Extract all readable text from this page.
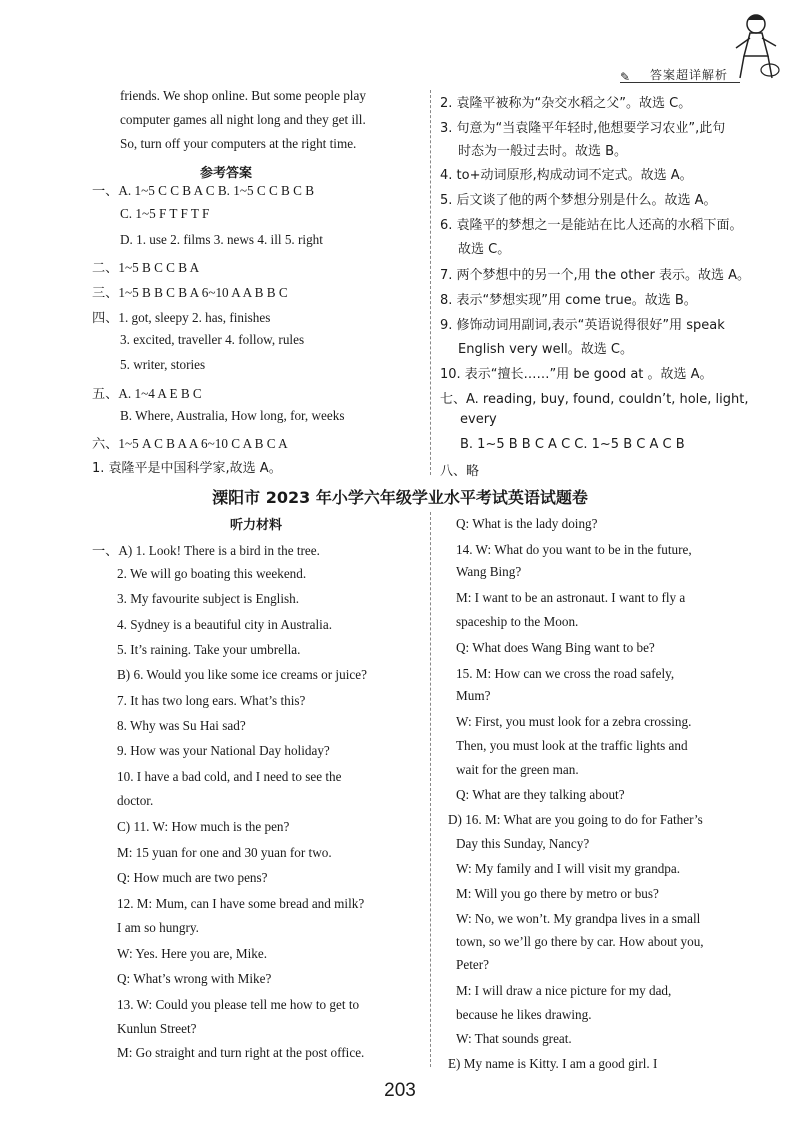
✎ 答案超详解析
friends. We shop online. But some people play
computer games all night long and they get ill.
So, turn off your computers at the right time.
参考答案
一、A. 1~5 C C B A C B. 1~5 C C B C B
C. 1~5 F T F T F
D. 1. use 2. films 3. news 4. ill 5. right
二、1~5 B C C B A
三、1~5 B B C B A 6~10 A A B B C
四、1. got, sleepy 2. has, finishes
3. excited, traveller 4. follow, rules
5. writer, stories
五、A. 1~4 A E B C
B. Where, Australia, How long, for, weeks
六、1~5 A C B A A 6~10 C A B C A
1. 袁隆平是中国科学家,故选 A。
2. 袁隆平被称为“杂交水稻之父”。故选 C。
3. 句意为“当袁隆平年轻时,他想要学习农业”,此句
时态为一般过去时。故选 B。
4. to+动词原形,构成动词不定式。故选 A。
5. 后文谈了他的两个梦想分别是什么。故选 A。
6. 袁隆平的梦想之一是能站在比人还高的水稻下面。
故选 C。
7. 两个梦想中的另一个,用 the other 表示。故选 A。
8. 表示“梦想实现”用 come true。故选 B。
9. 修饰动词用副词,表示“英语说得很好”用 speak
English very well。故选 C。
10. 表示“擅长……”用 be good at 。故选 A。
七、A. reading, buy, found, couldn’t, hole, light,
every
B. 1~5 B B C A C C. 1~5 B C A C B
八、略
溧阳市 2023 年小学六年级学业水平考试英语试题卷
听力材料
一、A) 1. Look! There is a bird in the tree.
2. We will go boating this weekend.
3. My favourite subject is English.
4. Sydney is a beautiful city in Australia.
5. It’s raining. Take your umbrella.
B) 6. Would you like some ice creams or juice?
7. It has two long ears. What’s this?
8. Why was Su Hai sad?
9. How was your National Day holiday?
10. I have a bad cold, and I need to see the
doctor.
C) 11. W: How much is the pen?
M: 15 yuan for one and 30 yuan for two.
Q: How much are two pens?
12. M: Mum, can I have some bread and milk?
I am so hungry.
W: Yes. Here you are, Mike.
Q: What’s wrong with Mike?
13. W: Could you please tell me how to get to
Kunlun Street?
M: Go straight and turn right at the post office.
Q: What is the lady doing?
14. W: What do you want to be in the future,
Wang Bing?
M: I want to be an astronaut. I want to fly a
spaceship to the Moon.
Q: What does Wang Bing want to be?
15. M: How can we cross the road safely,
Mum?
W: First, you must look for a zebra crossing.
Then, you must look at the traffic lights and
wait for the green man.
Q: What are they talking about?
D) 16. M: What are you going to do for Father’s
Day this Sunday, Nancy?
W: My family and I will visit my grandpa.
M: Will you go there by metro or bus?
W: No, we won’t. My grandpa lives in a small
town, so we’ll go there by car. How about you,
Peter?
M: I will draw a nice picture for my dad,
because he likes drawing.
W: That sounds great.
E) My name is Kitty. I am a good girl. I
203
